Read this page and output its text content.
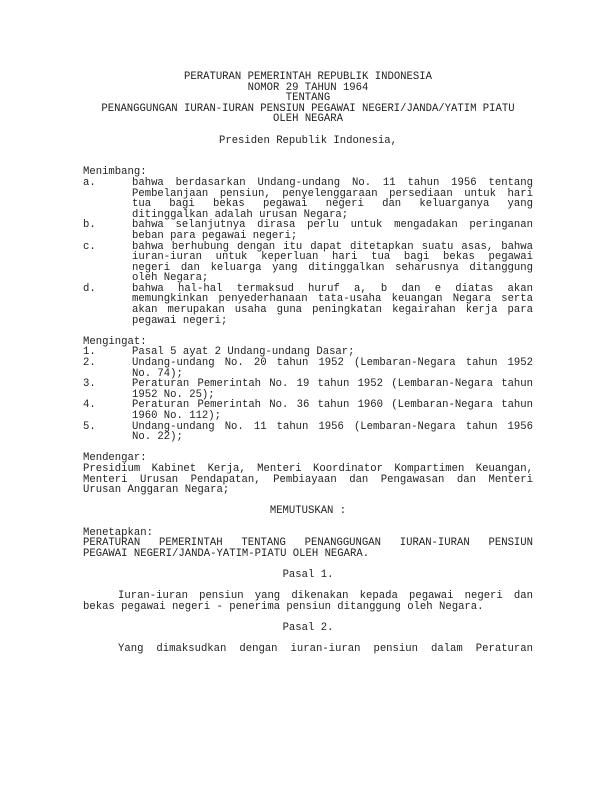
PERATURAN PEMERINTAH REPUBLIK INDONESIA
NOMOR 29 TAHUN 1964
TENTANG
PENANGGUNGAN IURAN-IURAN PENSIUN PEGAWAI NEGERI/JANDA/YATIM PIATU
OLEH NEGARA
Presiden Republik Indonesia,
Menimbang:
a.	bahwa berdasarkan Undang-undang No. 11 tahun 1956 tentang
Pembelanjaan pensiun, penyelenggaraan persediaan untuk hari
tua bagi bekas pegawai negeri dan keluarganya yang
ditinggalkan adalah urusan Negara;
b.	bahwa selanjutnya dirasa perlu untuk mengadakan peringanan
beban para pegawai negeri;
c.	bahwa berhubung dengan itu dapat ditetapkan suatu asas, bahwa
iuran-iuran untuk keperluan hari tua bagi bekas pegawai
negeri dan keluarga yang ditinggalkan seharusnya ditanggung
oleh Negara;
d.	bahwa hal-hal termaksud huruf a, b dan e diatas akan
memungkinkan penyederhanaan tata-usaha keuangan Negara serta
akan merupakan usaha guna peningkatan kegairahan kerja para
pegawai negeri;
Mengingat:
1.	Pasal 5 ayat 2 Undang-undang Dasar;
2.	Undang-undang No. 20 tahun 1952 (Lembaran-Negara tahun 1952
No. 74);
3.	Peraturan Pemerintah No. 19 tahun 1952 (Lembaran-Negara tahun
1952 No. 25);
4.	Peraturan Pemerintah No. 36 tahun 1960 (Lembaran-Negara tahun
1960 No. 112);
5.	Undang-undang No. 11 tahun 1956 (Lembaran-Negara tahun 1956
No. 22);
Mendengar:
Presidium Kabinet Kerja, Menteri Koordinator Kompartimen Keuangan,
Menteri Urusan Pendapatan, Pembiayaan dan Pengawasan dan Menteri
Urusan Anggaran Negara;
MEMUTUSKAN :
Menetapkan:
PERATURAN PEMERINTAH TENTANG PENANGGUNGAN IURAN-IURAN PENSIUN
PEGAWAI NEGERI/JANDA-YATIM-PIATU OLEH NEGARA.
Pasal 1.
Iuran-iuran pensiun yang dikenakan kepada pegawai negeri dan
bekas pegawai negeri - penerima pensiun ditanggung oleh Negara.
Pasal 2.
Yang dimaksudkan dengan iuran-iuran pensiun dalam Peraturan
